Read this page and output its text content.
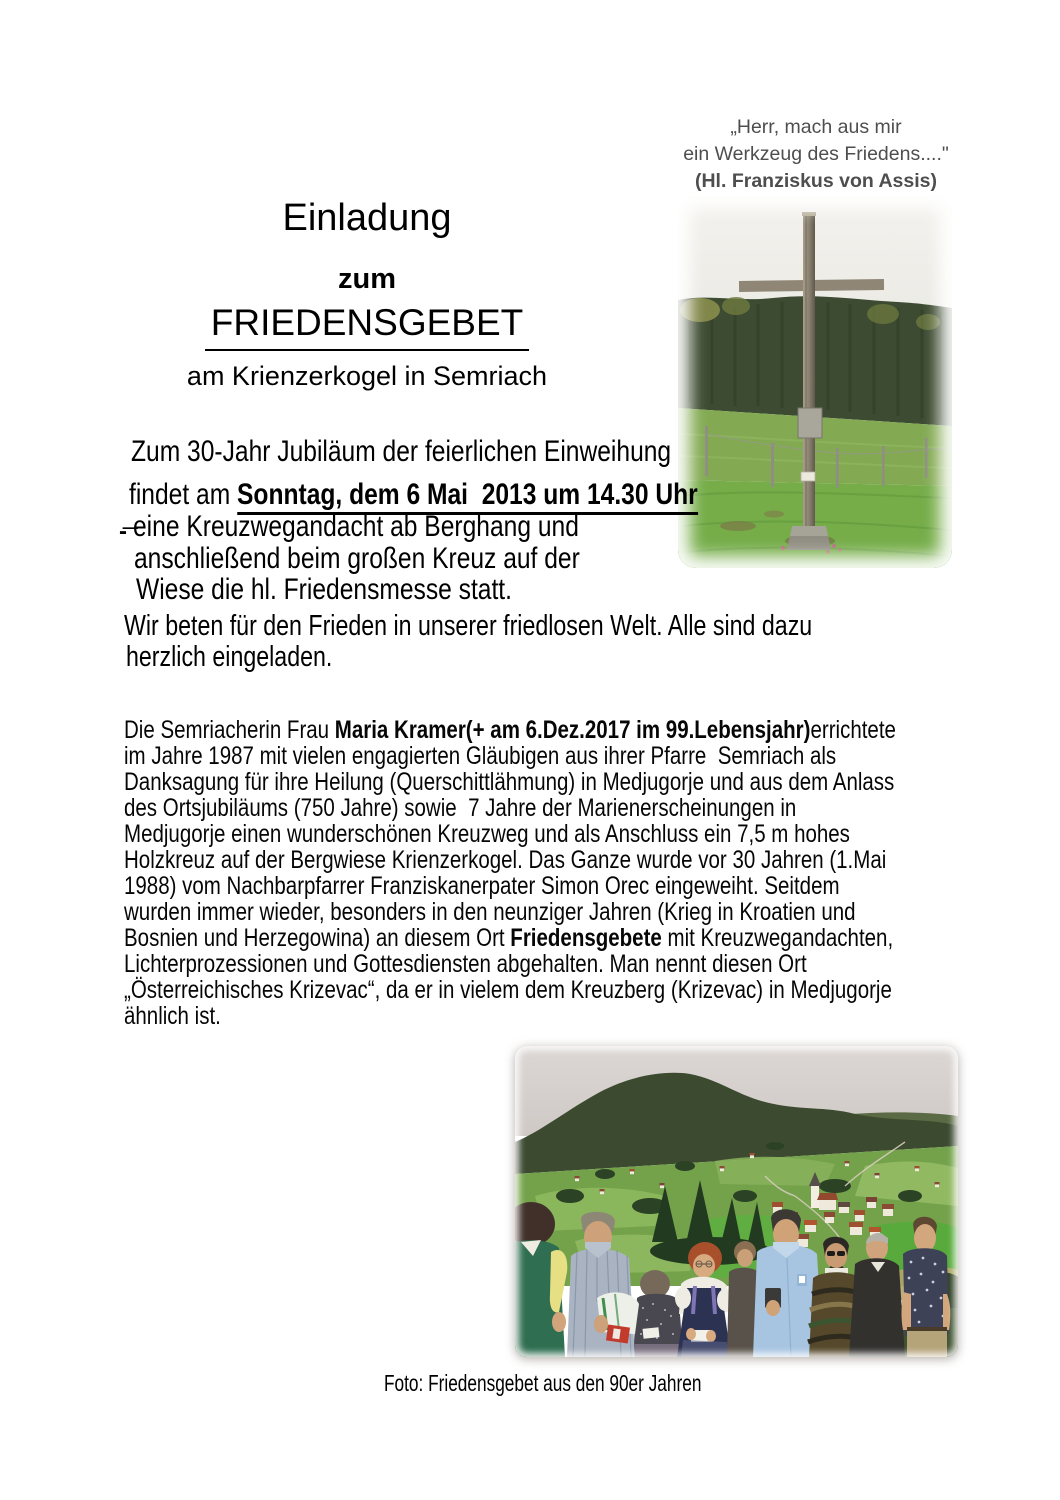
„Herr, mach aus mir
ein Werkzeug des Friedens...."
(Hl. Franziskus von Assis)
Einladung
zum
FRIEDENSGEBET
am Krienzerkogel in Semriach
Zum 30-Jahr Jubiläum der feierlichen Einweihung
findet am Sonntag, dem 6 Mai  2013 um 14.30 Uhr
eine Kreuzwegandacht ab Berghang und
anschließend beim großen Kreuz auf der
Wiese die hl. Friedensmesse statt.
_
-
Wir beten für den Frieden in unserer friedlosen Welt. Alle sind dazu
herzlich eingeladen.
Die Semriacherin Frau Maria Kramer(+ am 6.Dez.2017 im 99.Lebensjahr)errichtete
im Jahre 1987 mit vielen engagierten Gläubigen aus ihrer Pfarre  Semriach als
Danksagung für ihre Heilung (Querschittlähmung) in Medjugorje und aus dem Anlass
des Ortsjubiläums (750 Jahre) sowie  7 Jahre der Marienerscheinungen in
Medjugorje einen wunderschönen Kreuzweg und als Anschluss ein 7,5 m hohes
Holzkreuz auf der Bergwiese Krienzerkogel. Das Ganze wurde vor 30 Jahren (1.Mai
1988) vom Nachbarpfarrer Franziskanerpater Simon Orec eingeweiht. Seitdem
wurden immer wieder, besonders in den neunziger Jahren (Krieg in Kroatien und
Bosnien und Herzegowina) an diesem Ort Friedensgebete mit Kreuzwegandachten,
Lichterprozessionen und Gottesdiensten abgehalten. Man nennt diesen Ort
„Österreichisches Krizevac“, da er in vielem dem Kreuzberg (Krizevac) in Medjugorje
ähnlich ist.
Foto: Friedensgebet aus den 90er Jahren
